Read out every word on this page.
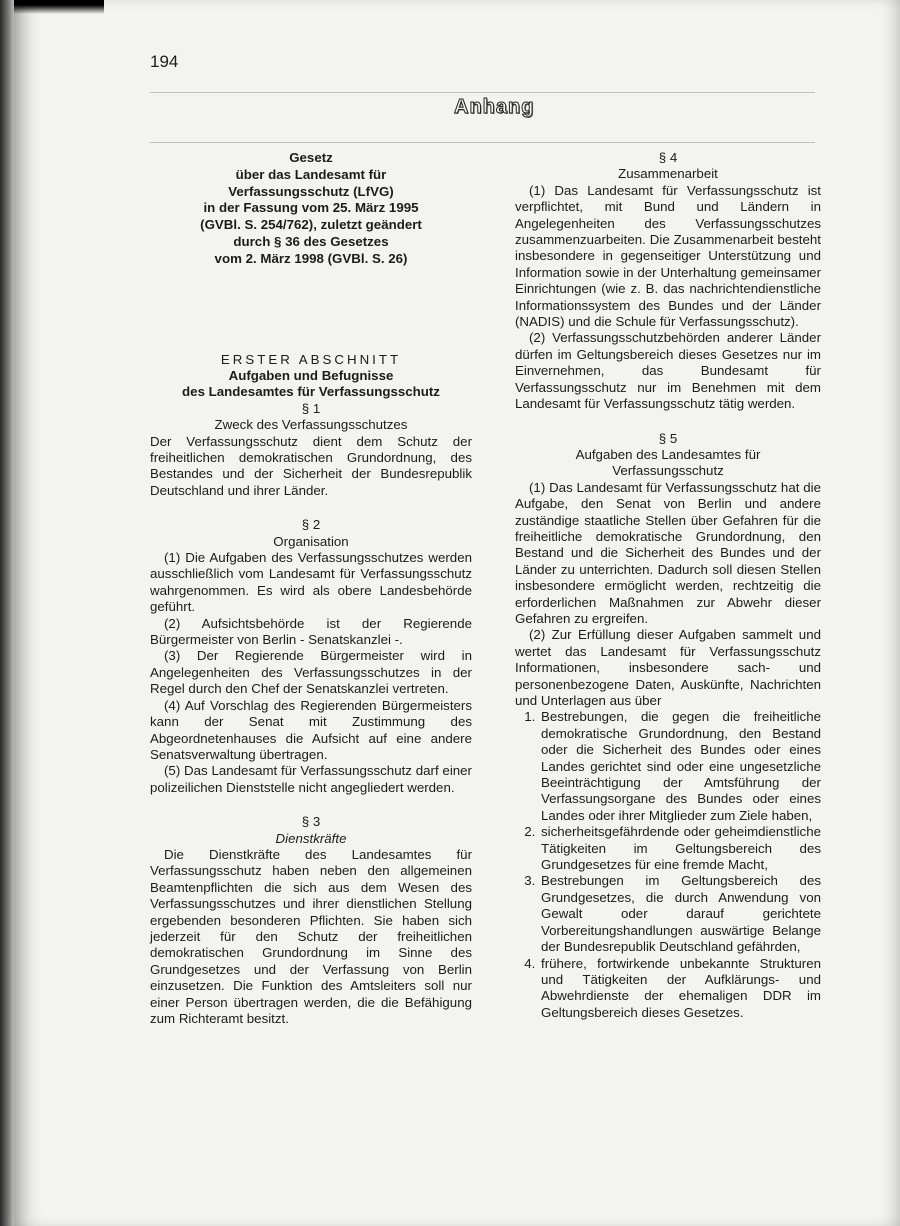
194
Anhang
Gesetz
über das Landesamt für
Verfassungsschutz (LfVG)
in der Fassung vom 25. März 1995
(GVBl. S. 254/762), zuletzt geändert
durch § 36 des Gesetzes
vom 2. März 1998 (GVBl. S. 26)
ERSTER ABSCHNITT
Aufgaben und Befugnisse
des Landesamtes für Verfassungsschutz
§ 1
Zweck des Verfassungsschutzes

Der Verfassungsschutz dient dem Schutz der freiheitlichen demokratischen Grundordnung, des Bestandes und der Sicherheit der Bundesrepublik Deutschland und ihrer Länder.

§ 2
Organisation

(1) Die Aufgaben des Verfassungsschutzes werden ausschließlich vom Landesamt für Verfassungsschutz wahrgenommen. Es wird als obere Landesbehörde geführt.

(2) Aufsichtsbehörde ist der Regierende Bürgermeister von Berlin - Senatskanzlei -.

(3) Der Regierende Bürgermeister wird in Angelegenheiten des Verfassungsschutzes in der Regel durch den Chef der Senatskanzlei vertreten.

(4) Auf Vorschlag des Regierenden Bürgermeisters kann der Senat mit Zustimmung des Abgeordnetenhauses die Aufsicht auf eine andere Senatsverwaltung übertragen.

(5) Das Landesamt für Verfassungsschutz darf einer polizeilichen Dienststelle nicht angegliedert werden.

§ 3
Dienstkräfte

Die Dienstkräfte des Landesamtes für Verfassungsschutz haben neben den allgemeinen Beamtenpflichten die sich aus dem Wesen des Verfassungsschutzes und ihrer dienstlichen Stellung ergebenden besonderen Pflichten. Sie haben sich jederzeit für den Schutz der freiheitlichen demokratischen Grundordnung im Sinne des Grundgesetzes und der Verfassung von Berlin einzusetzen. Die Funktion des Amtsleiters soll nur einer Person übertragen werden, die die Befähigung zum Richteramt besitzt.

§ 4
Zusammenarbeit

(1) Das Landesamt für Verfassungsschutz ist verpflichtet, mit Bund und Ländern in Angelegenheiten des Verfassungsschutzes zusammenzuarbeiten. Die Zusammenarbeit besteht insbesondere in gegenseitiger Unterstützung und Information sowie in der Unterhaltung gemeinsamer Einrichtungen (wie z. B. das nachrichtendienstliche Informationssystem des Bundes und der Länder (NADIS) und die Schule für Verfassungsschutz).

(2) Verfassungsschutzbehörden anderer Länder dürfen im Geltungsbereich dieses Gesetzes nur im Einvernehmen, das Bundesamt für Verfassungsschutz nur im Benehmen mit dem Landesamt für Verfassungsschutz tätig werden.

§ 5
Aufgaben des Landesamtes für
Verfassungsschutz

(1) Das Landesamt für Verfassungsschutz hat die Aufgabe, den Senat von Berlin und andere zuständige staatliche Stellen über Gefahren für die freiheitliche demokratische Grundordnung, den Bestand und die Sicherheit des Bundes und der Länder zu unterrichten. Dadurch soll diesen Stellen insbesondere ermöglicht werden, rechtzeitig die erforderlichen Maßnahmen zur Abwehr dieser Gefahren zu ergreifen.

(2) Zur Erfüllung dieser Aufgaben sammelt und wertet das Landesamt für Verfassungsschutz Informationen, insbesondere sach- und personenbezogene Daten, Auskünfte, Nachrichten und Unterlagen aus über

1. Bestrebungen, die gegen die freiheitliche demokratische Grundordnung, den Bestand oder die Sicherheit des Bundes oder eines Landes gerichtet sind oder eine ungesetzliche Beeinträchtigung der Amtsführung der Verfassungsorgane des Bundes oder eines Landes oder ihrer Mitglieder zum Ziele haben,
2. sicherheitsgefährdende oder geheimdienstliche Tätigkeiten im Geltungsbereich des Grundgesetzes für eine fremde Macht,
3. Bestrebungen im Geltungsbereich des Grundgesetzes, die durch Anwendung von Gewalt oder darauf gerichtete Vorbereitungshandlungen auswärtige Belange der Bundesrepublik Deutschland gefährden,
4. frühere, fortwirkende unbekannte Strukturen und Tätigkeiten der Aufklärungs- und Abwehrdienste der ehemaligen DDR im Geltungsbereich dieses Gesetzes.
